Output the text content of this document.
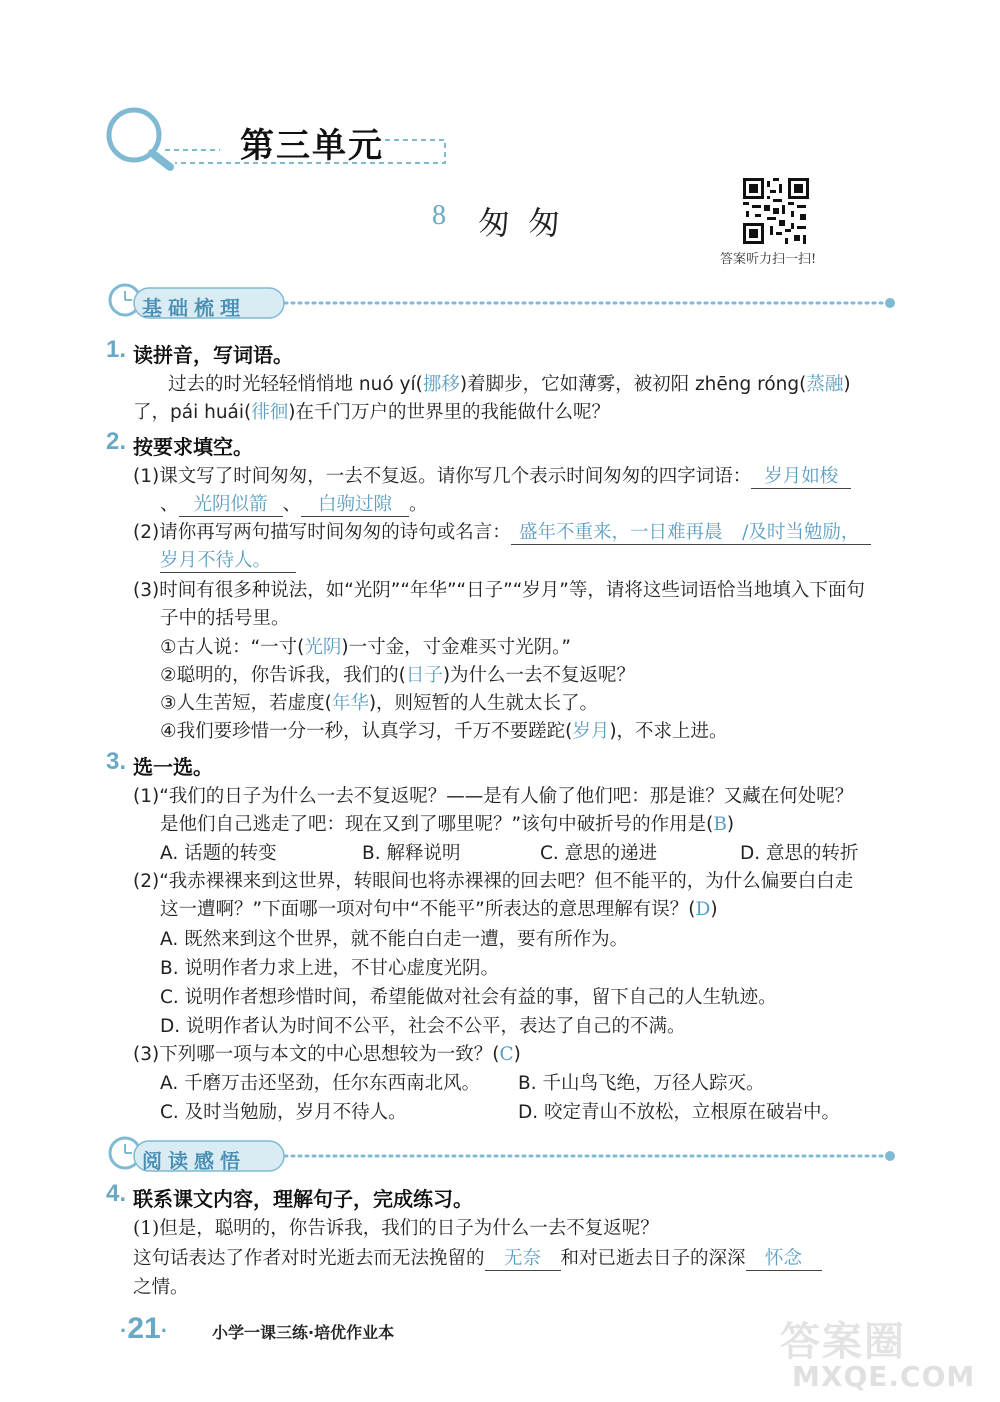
第三单元
8 匆匆
答案听力扫一扫!
基础梳理
1. 读拼音，写词语。
过去的时光轻轻悄悄地 nuó yí(挪移)着脚步，它如薄雾，被初阳 zhēng róng(蒸融)
了，pái huái(徘徊)在千门万户的世界里的我能做什么呢？
2. 按要求填空。
(1)课文写了时间匆匆，一去不复返。请你写几个表示时间匆匆的四字词语： 岁月如梭
、 光阴似箭 、 白驹过隙 。
(2)请你再写两句描写时间匆匆的诗句或名言： 盛年不重来，一日难再晨 /及时当勉励，
岁月不待人。
(3)时间有很多种说法，如“光阴”“年华”“日子”“岁月”等，请将这些词语恰当地填入下面句
子中的括号里。
①古人说：“一寸(光阴)一寸金，寸金难买寸光阴。”
②聪明的，你告诉我，我们的(日子)为什么一去不复返呢？
③人生苦短，若虚度(年华)，则短暂的人生就太长了。
④我们要珍惜一分一秒，认真学习，千万不要蹉跎(岁月)，不求上进。
3. 选一选。
(1)“我们的日子为什么一去不复返呢？——是有人偷了他们吧：那是谁？又藏在何处呢？
是他们自己逃走了吧：现在又到了哪里呢？”该句中破折号的作用是(B)
A. 话题的转变	B. 解释说明	C. 意思的递进	D. 意思的转折
(2)“我赤裸裸来到这世界，转眼间也将赤裸裸的回去吧？但不能平的，为什么偏要白白走
这一遭啊？”下面哪一项对句中“不能平”所表达的意思理解有误？(D)
A. 既然来到这个世界，就不能白白走一遭，要有所作为。
B. 说明作者力求上进，不甘心虚度光阴。
C. 说明作者想珍惜时间，希望能做对社会有益的事，留下自己的人生轨迹。
D. 说明作者认为时间不公平，社会不公平，表达了自己的不满。
(3)下列哪一项与本文的中心思想较为一致？(C)
A. 千磨万击还坚劲，任尔东西南北风。 B. 千山鸟飞绝，万径人踪灭。
C. 及时当勉励，岁月不待人。	D. 咬定青山不放松，立根原在破岩中。
阅读感悟
4. 联系课文内容，理解句子，完成练习。
(1)但是，聪明的，你告诉我，我们的日子为什么一去不复返呢？
这句话表达了作者对时光逝去而无法挽留的 无奈 和对已逝去日子的深深 怀念
之情。
·21·	小学一课三练·培优作业本	答案圈
MXQE.COM
